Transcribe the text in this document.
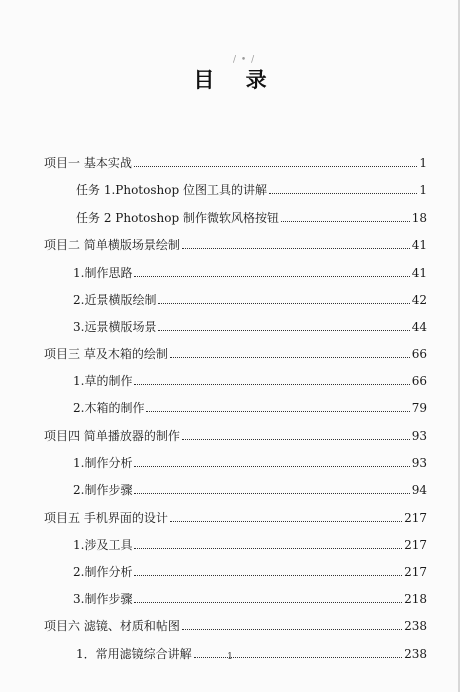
/ • /
目 录
项目一 基本实战	1
任务 1.Photoshop 位图工具的讲解	1
任务 2 Photoshop 制作微软风格按钮	18
项目二 简单横版场景绘制	41
1.制作思路	41
2.近景横版绘制	42
3.远景横版场景	44
项目三 草及木箱的绘制	66
1.草的制作	66
2.木箱的制作	79
项目四 简单播放器的制作	93
1.制作分析	93
2.制作步骤	94
项目五 手机界面的设计	217
1.涉及工具	217
2.制作分析	217
3.制作步骤	218
项目六 滤镜、材质和帖图	238
1．常用滤镜综合讲解	238
1
